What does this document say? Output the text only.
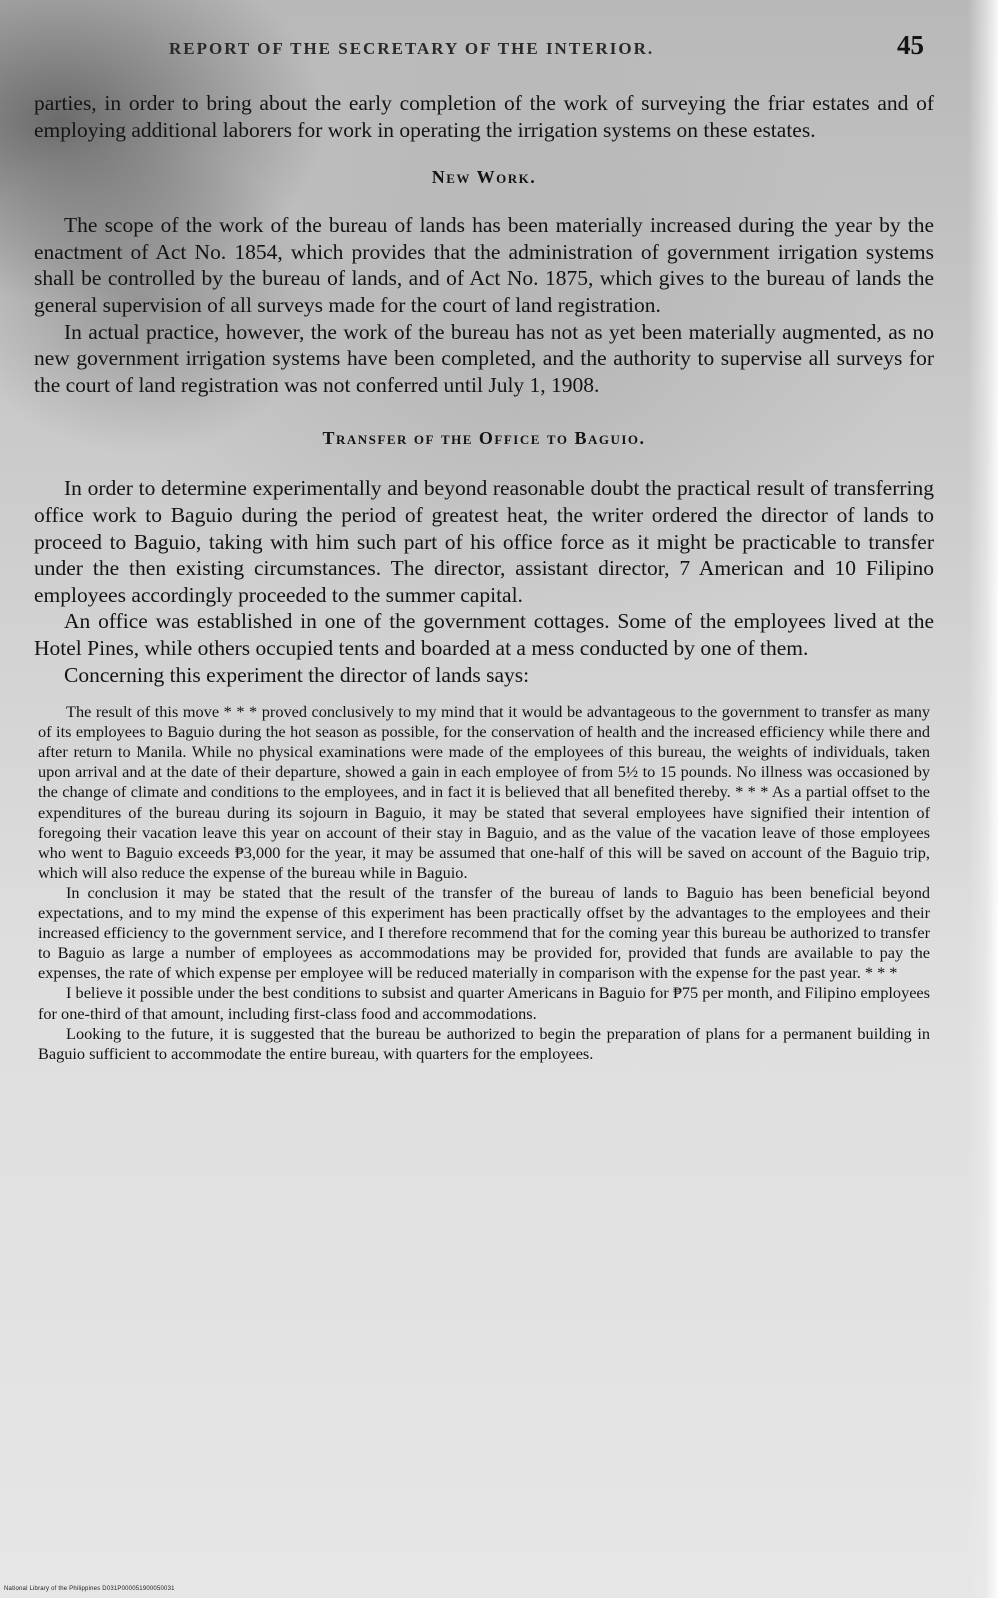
REPORT OF THE SECRETARY OF THE INTERIOR.	45

parties, in order to bring about the early completion of the work of surveying the friar estates and of employing additional laborers for work in operating the irrigation systems on these estates.

New Work.

The scope of the work of the bureau of lands has been materially increased during the year by the enactment of Act No. 1854, which provides that the administration of government irrigation systems shall be controlled by the bureau of lands, and of Act No. 1875, which gives to the bureau of lands the general supervision of all surveys made for the court of land registration.

In actual practice, however, the work of the bureau has not as yet been materially augmented, as no new government irrigation systems have been completed, and the authority to supervise all surveys for the court of land registration was not conferred until July 1, 1908.

Transfer of the Office to Baguio.

In order to determine experimentally and beyond reasonable doubt the practical result of transferring office work to Baguio during the period of greatest heat, the writer ordered the director of lands to proceed to Baguio, taking with him such part of his office force as it might be practicable to transfer under the then existing circumstances. The director, assistant director, 7 American and 10 Filipino employees accordingly proceeded to the summer capital.

An office was established in one of the government cottages. Some of the employees lived at the Hotel Pines, while others occupied tents and boarded at a mess conducted by one of them.

Concerning this experiment the director of lands says:

The result of this move * * * proved conclusively to my mind that it would be advantageous to the government to transfer as many of its employees to Baguio during the hot season as possible, for the conservation of health and the increased efficiency while there and after return to Manila. While no physical examinations were made of the employees of this bureau, the weights of individuals, taken upon arrival and at the date of their departure, showed a gain in each employee of from 5½ to 15 pounds. No illness was occasioned by the change of climate and conditions to the employees, and in fact it is believed that all benefited thereby. * * * As a partial offset to the expenditures of the bureau during its sojourn in Baguio, it may be stated that several employees have signified their intention of foregoing their vacation leave this year on account of their stay in Baguio, and as the value of the vacation leave of those employees who went to Baguio exceeds ₱3,000 for the year, it may be assumed that one-half of this will be saved on account of the Baguio trip, which will also reduce the expense of the bureau while in Baguio.

In conclusion it may be stated that the result of the transfer of the bureau of lands to Baguio has been beneficial beyond expectations, and to my mind the expense of this experiment has been practically offset by the advantages to the employees and their increased efficiency to the government service, and I therefore recommend that for the coming year this bureau be authorized to transfer to Baguio as large a number of employees as accommodations may be provided for, provided that funds are available to pay the expenses, the rate of which expense per employee will be reduced materially in comparison with the expense for the past year. * * *

I believe it possible under the best conditions to subsist and quarter Americans in Baguio for ₱75 per month, and Filipino employees for one-third of that amount, including first-class food and accommodations.

Looking to the future, it is suggested that the bureau be authorized to begin the preparation of plans for a permanent building in Baguio sufficient to accommodate the entire bureau, with quarters for the employees.

National Library of the Philippines D031P000051900050031
